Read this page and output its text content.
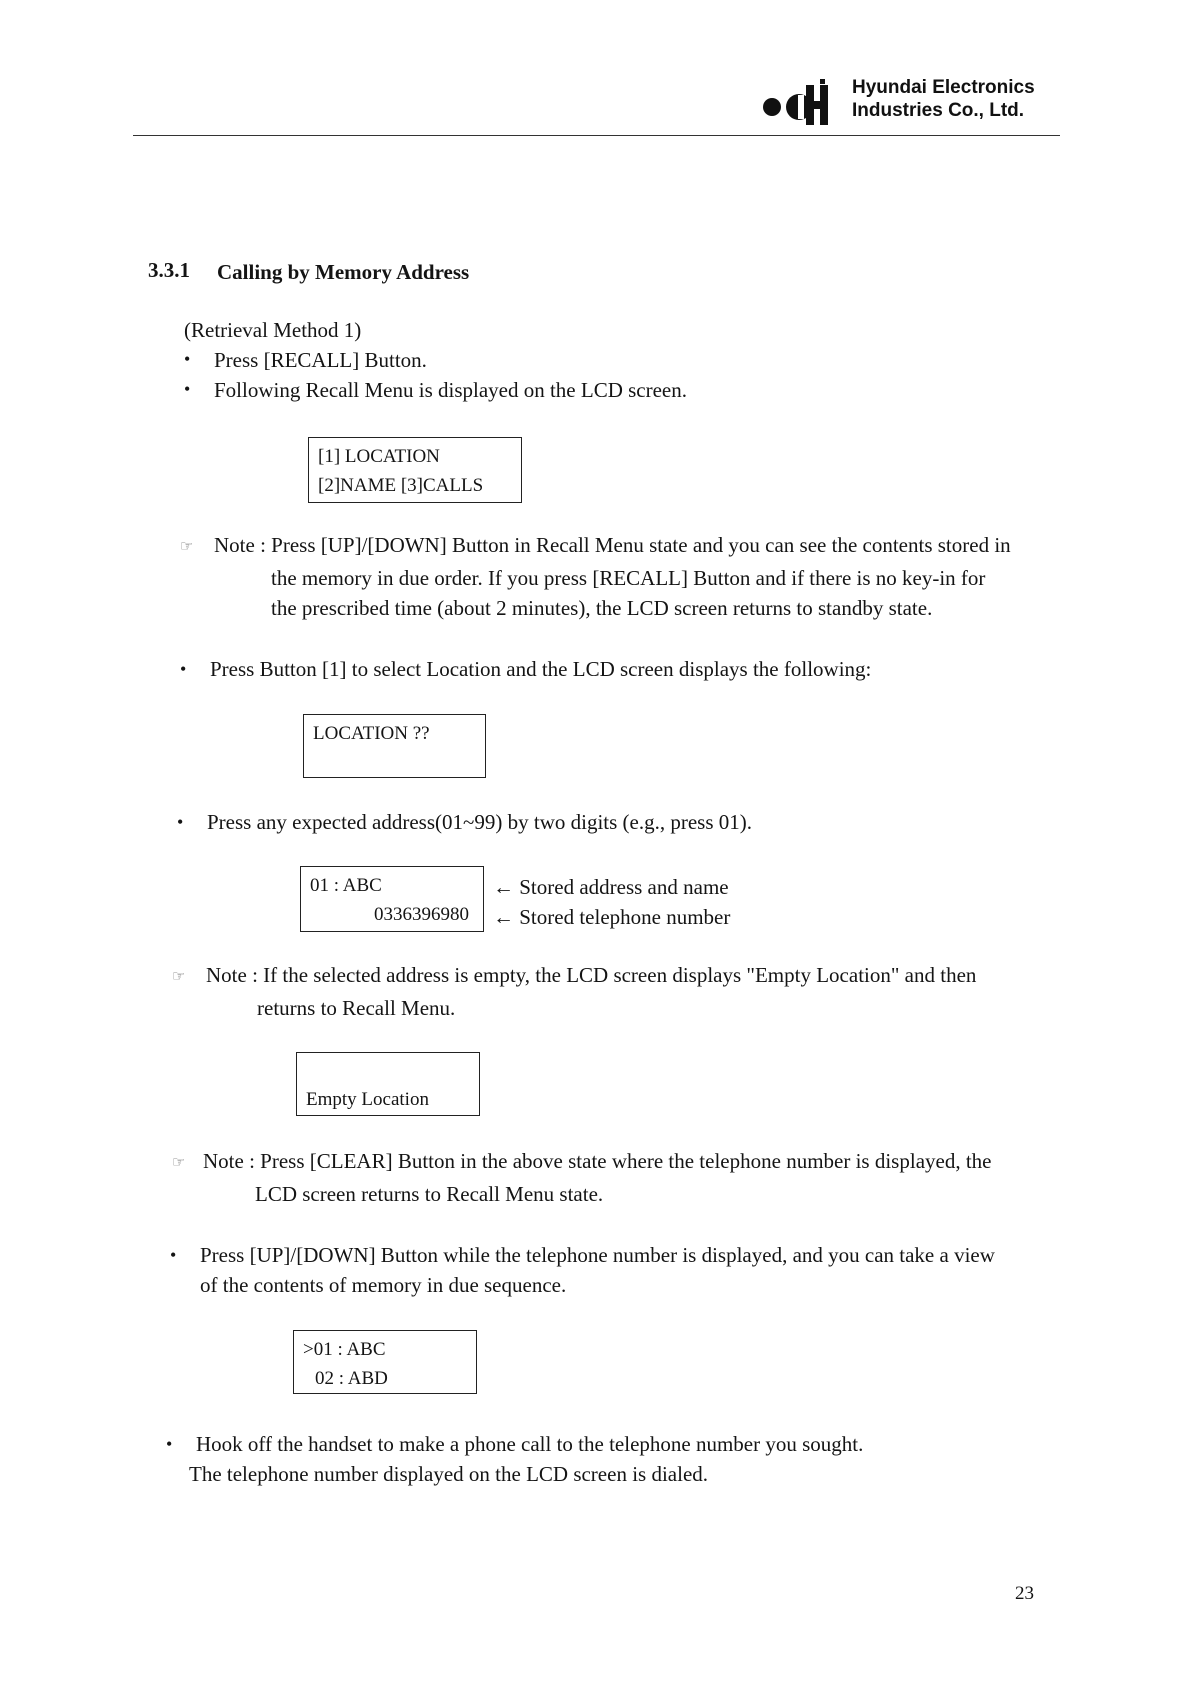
Hyundai Electronics
Industries Co., Ltd.
3.3.1 Calling by Memory Address
(Retrieval Method 1)
• Press [RECALL] Button.
• Following Recall Menu is displayed on the LCD screen.
[1] LOCATION
[2]NAME [3]CALLS
☞ Note : Press [UP]/[DOWN] Button in Recall Menu state and you can see the contents stored in
the memory in due order. If you press [RECALL] Button and if there is no key-in for
the prescribed time (about 2 minutes), the LCD screen returns to standby state.
• Press Button [1] to select Location and the LCD screen displays the following:
LOCATION ??
• Press any expected address(01~99) by two digits (e.g., press 01).
01 : ABC
0336396980
← Stored address and name
← Stored telephone number
☞ Note : If the selected address is empty, the LCD screen displays "Empty Location" and then
returns to Recall Menu.
Empty Location
☞ Note : Press [CLEAR] Button in the above state where the telephone number is displayed, the
LCD screen returns to Recall Menu state.
• Press [UP]/[DOWN] Button while the telephone number is displayed, and you can take a view
of the contents of memory in due sequence.
>01 : ABC
02 : ABD
• Hook off the handset to make a phone call to the telephone number you sought.
The telephone number displayed on the LCD screen is dialed.
23
